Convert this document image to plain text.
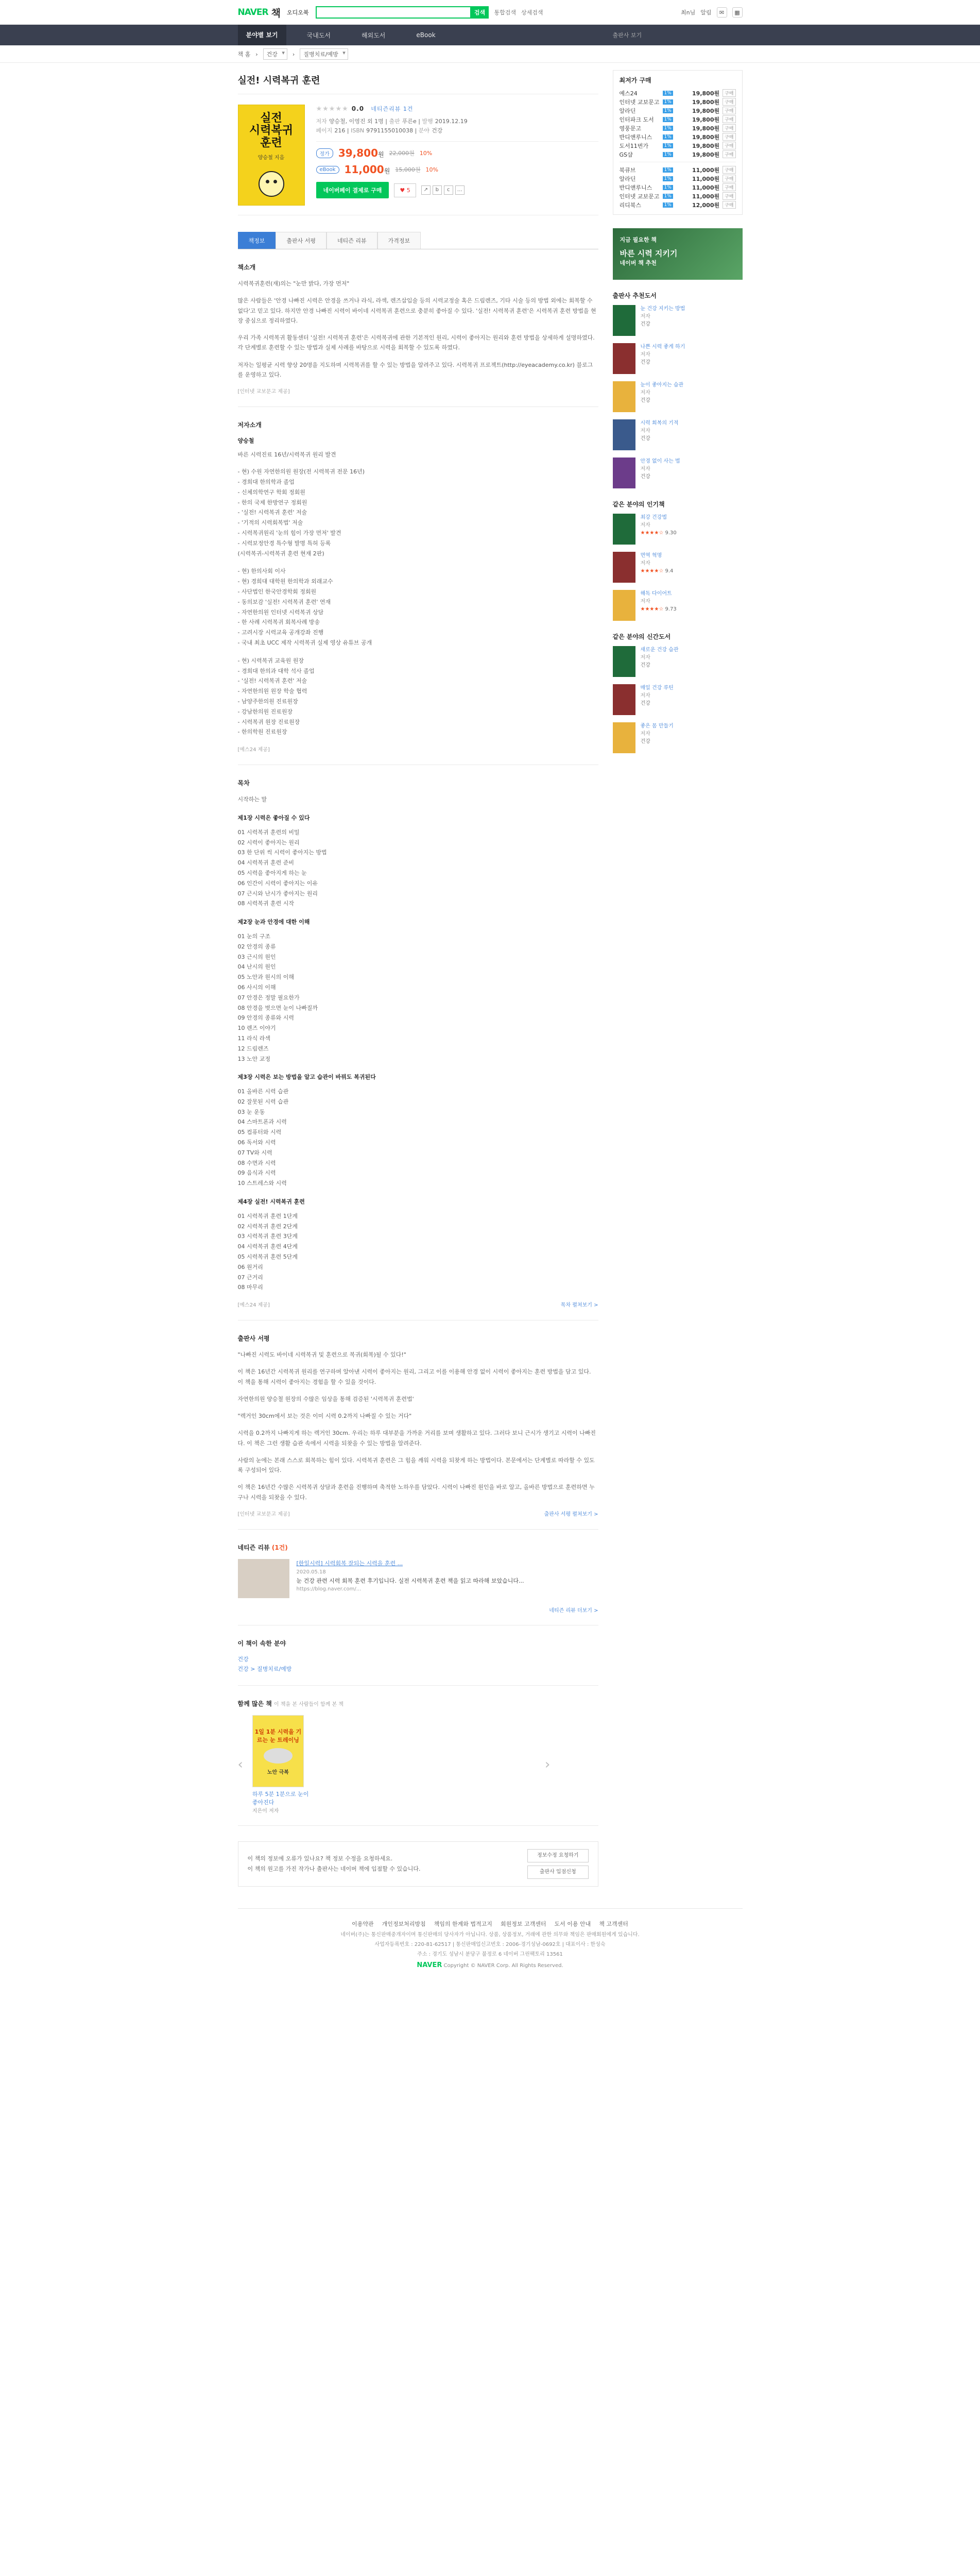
NAVER 책 오디오북	검색	통합검색 상세검색	최n님 알림	✉	▦
분야별 보기	국내도서	해외도서	eBook	출판사 보기
책 홈 ›	건강 ▾	›	질병치료/예방 ▾
실전! 시력복귀 훈련
실전
시력복귀
훈련
양승철 지음
★★★★★ 0.0 네티즌리뷰 1건
저자 양승철, 이영진 외 1명 | 출판 푸른e | 발행 2019.12.19
페이지 216 | ISBN 9791155010038 | 분야 건강
정가 39,800원 22,000원 10%
eBook 11,000원 15,000원 10%
네이버페이 결제로 구매	♥ 5	↗	b	c	…
책정보	출판사 서평	네티즌 리뷰	가격정보
책소개

시력복귀훈련(재)의는 "눈만 밝다, 가장 먼저"

많은 사람들은 '안경 나빠진 시력은 안경을 쓰거나 라식, 라섹, 렌즈삽입술 등의 시력교정술 혹은 드림렌즈, 기타 시술 등의 방법 외에는 회복할 수 없다'고 믿고 있다. 하지만 안경 나빠진 시력이 바이네 시력복귀 훈련으로 충분히 좋아질 수 있다. '실전! 시력복귀 훈련'은 시력복귀 훈련 방법을 현장 중심으로 정리하였다.

우리 가족 시력복귀 활동센터 '실전! 시력복귀 훈련'은 시력복귀에 관한 기본적인 원리, 시력이 좋아지는 원리와 훈련 방법을 상세하게 설명하였다. 각 단계별로 훈련할 수 있는 방법과 실제 사례를 바탕으로 시력을 회복할 수 있도록 하였다.

저자는 일평균 시력 향상 20명을 지도하며 시력복귀를 할 수 있는 방법을 알려주고 있다. 시력복귀 프로젝트(http://eyeacademy.co.kr) 블로그를 운영하고 있다.

[인터넷 교보문고 제공]
저자소개
양승철

바른 시력진료 16년/시력복귀 원리 발견

- 현) 수원 자연한의원 원장(전 시력복귀 전문 16년)
- 경희대 한의학과 졸업
- 신체의학연구 학회 정회원
- 한의 국제 한방연구 정회원
- '실전! 시력복귀 훈련' 저술
- '기적의 시력회복법' 저술
- 시력복귀원리 '눈의 힘이 가장 먼저' 발견
- 시력보정안경 특수형 발명 특허 등록
(시력복귀-시력복귀 훈련 현재 2판)

- 현) 한의사회 이사
- 현) 경희대 대학원 한의학과 외래교수
- 사단법인 한국안경학회 정회원
- 동의보감 '실전! 시력복귀 훈련' 연재
- 자연한의원 인터넷 시력복귀 상담
- 한 사례 시력복귀 회복사례 방송
- 고려시장 시력교육 공개강좌 진행
- 국내 최초 UCC 제작 시력복귀 실제 영상 유튜브 공개

- 현) 시력복귀 교육원 원장
- 경희대 한의과 대학 석사 졸업
- '실전! 시력복귀 훈련' 저술
- 자연한의원 원장 학술 협력
- 남양주한의원 진료원장
- 강남한의원 진료원장
- 시력복귀 원장 진료원장
- 한의학원 진료원장

[예스24 제공]
목차
시작하는 말
제1장 시력은 좋아질 수 있다
01 시력복귀 훈련의 비밀
02 시력이 좋아지는 원리
03 한 단위 씩 시력이 좋아지는 방법
04 시력복귀 훈련 준비
05 시력을 좋아지게 하는 눈
06 인간이 시력이 좋아지는 이유
07 근시와 난시가 좋아지는 원리
08 시력복귀 훈련 시작
제2장 눈과 안경에 대한 이해
01 눈의 구조
02 안경의 종류
03 근시의 원인
04 난시의 원인
05 노안과 원시의 이해
06 사시의 이해
07 안경은 정말 필요한가
08 안경을 벗으면 눈이 나빠질까
09 안경의 종류와 시력
10 렌즈 이야기
11 라식 라섹
12 드림렌즈
13 노안 교정
제3장 시력은 보는 방법을 알고 습관이 바꿔도 복귀된다
01 올바른 시력 습관
02 잘못된 시력 습관
03 눈 운동
04 스마트폰과 시력
05 컴퓨터와 시력
06 독서와 시력
07 TV와 시력
08 수면과 시력
09 음식과 시력
10 스트레스와 시력
제4장 실전! 시력복귀 훈련
01 시력복귀 훈련 1단계
02 시력복귀 훈련 2단계
03 시력복귀 훈련 3단계
04 시력복귀 훈련 4단계
05 시력복귀 훈련 5단계
06 원거리
07 근거리
08 마무리

[예스24 제공]	목차 펼쳐보기 >
출판사 서평

"나빠진 시력도 바이네 시력복귀 및 훈련으로 복귀(회복)될 수 있다!"

이 책은 16년간 시력복귀 원리를 연구하며 알아낸 시력이 좋아지는 원리, 그리고 이를 이용해 안경 없이 시력이 좋아지는 훈련 방법을 담고 있다. 이 책을 통해 시력이 좋아지는 경험을 할 수 있을 것이다.

자연한의원 양승철 원장의 수많은 임상을 통해 검증된 '시력복귀 훈련법'

"렉거인 30cm에서 보는 것은 이미 시력 0.2까지 나빠질 수 있는 거다"

시력을 0.2까지 나빠지게 하는 렉거인 30cm. 우리는 하루 대부분을 가까운 거리를 보며 생활하고 있다. 그러다 보니 근시가 생기고 시력이 나빠진다. 이 책은 그런 생활 습관 속에서 시력을 되찾을 수 있는 방법을 알려준다.

사람의 눈에는 본래 스스로 회복하는 힘이 있다. 시력복귀 훈련은 그 힘을 깨워 시력을 되찾게 하는 방법이다. 본문에서는 단계별로 따라할 수 있도록 구성되어 있다.

이 책은 16년간 수많은 시력복귀 상담과 훈련을 진행하며 축적한 노하우를 담았다. 시력이 나빠진 원인을 바로 알고, 올바른 방법으로 훈련하면 누구나 시력을 되찾을 수 있다.

[인터넷 교보문고 제공]	출판사 서평 펼쳐보기 >
네티즌 리뷰 (1건)
[한일시력] 시력회복 잘되는 시력을 훈련 ...
2020.05.18
눈 건강 관련 시력 회복 훈련 후기입니다. 실전 시력복귀 훈련 책을 읽고 따라해 보았습니다...
https://blog.naver.com/...

네티즌 리뷰 더보기 >

이 책이 속한 분야
건강
건강 > 질병치료/예방
함께 많은 책 이 책을 본 사람들이 함께 본 책
‹
1일 1분 시력을 기르는 눈 트레이닝
노안 극복
하루 5분 1분으로 눈이 좋아진다
지은이 저자
›
이 책의 정보에 오류가 있나요? 책 정보 수정을 요청하세요.
이 책의 원고를 가진 작가나 출판사는 네이버 책에 입점할 수 있습니다.
정보수정 요청하기
출판사 입점신청
최저가 구매
예스24	1%	19,800원	구매
인터넷 교보문고	1%	19,800원	구매
알라딘	1%	19,800원	구매
인터파크 도서	1%	19,800원	구매
영풍문고	1%	19,800원	구매
반디앤루니스	1%	19,800원	구매
도서11번가	1%	19,800원	구매
GS샵	1%	19,800원	구매
북큐브	1%	11,000원	구매
알라딘	1%	11,000원	구매
반디앤루니스	1%	11,000원	구매
인터넷 교보문고	1%	11,000원	구매
리디북스	1%	12,000원	구매
지금 필요한 책
바른 시력 지키기
네이버 책 추천
출판사 추천도서
눈 건강 지키는 방법
저자
건강
나쁜 시력 좋게 하기
저자
건강
눈이 좋아지는 습관
저자
건강
시력 회복의 기적
저자
건강
안경 없이 사는 법
저자
건강
같은 분야의 인기책
최강 건강법
저자
★★★★☆ 9.30
면역 혁명
저자
★★★★☆ 9.4
해독 다이어트
저자
★★★★☆ 9.73
같은 분야의 신간도서
새로운 건강 습관
저자
건강
매일 건강 루틴
저자
건강
좋은 몸 만들기
저자
건강
이용약관 개인정보처리방침 책임의 한계와 법적고지 회원정보 고객센터 도서 이용 안내 책 고객센터
네이버(주)는 통신판매중개자이며 통신판매의 당사자가 아닙니다. 상품, 상품정보, 거래에 관한 의무와 책임은 판매회원에게 있습니다.
사업자등록번호 : 220-81-62517 | 통신판매업신고번호 : 2006-경기성남-0692호 | 대표이사 : 한성숙
주소 : 경기도 성남시 분당구 불정로 6 네이버 그린팩토리 13561
NAVER Copyright © NAVER Corp. All Rights Reserved.
